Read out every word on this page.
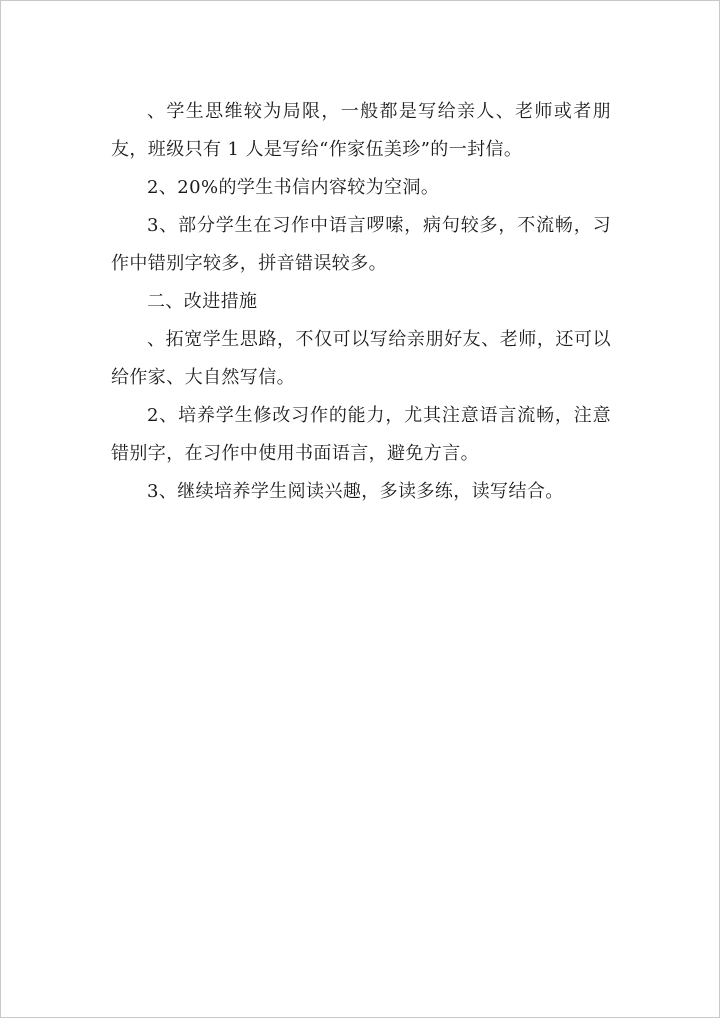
、学生思维较为局限，一般都是写给亲人、老师或者朋友，班级只有 1 人是写给“作家伍美珍”的一封信。

2、20%的学生书信内容较为空洞。

3、部分学生在习作中语言啰嗦，病句较多，不流畅，习作中错别字较多，拼音错误较多。

二、改进措施

、拓宽学生思路，不仅可以写给亲朋好友、老师，还可以给作家、大自然写信。

2、培养学生修改习作的能力，尤其注意语言流畅，注意错别字，在习作中使用书面语言，避免方言。

3、继续培养学生阅读兴趣，多读多练，读写结合。
